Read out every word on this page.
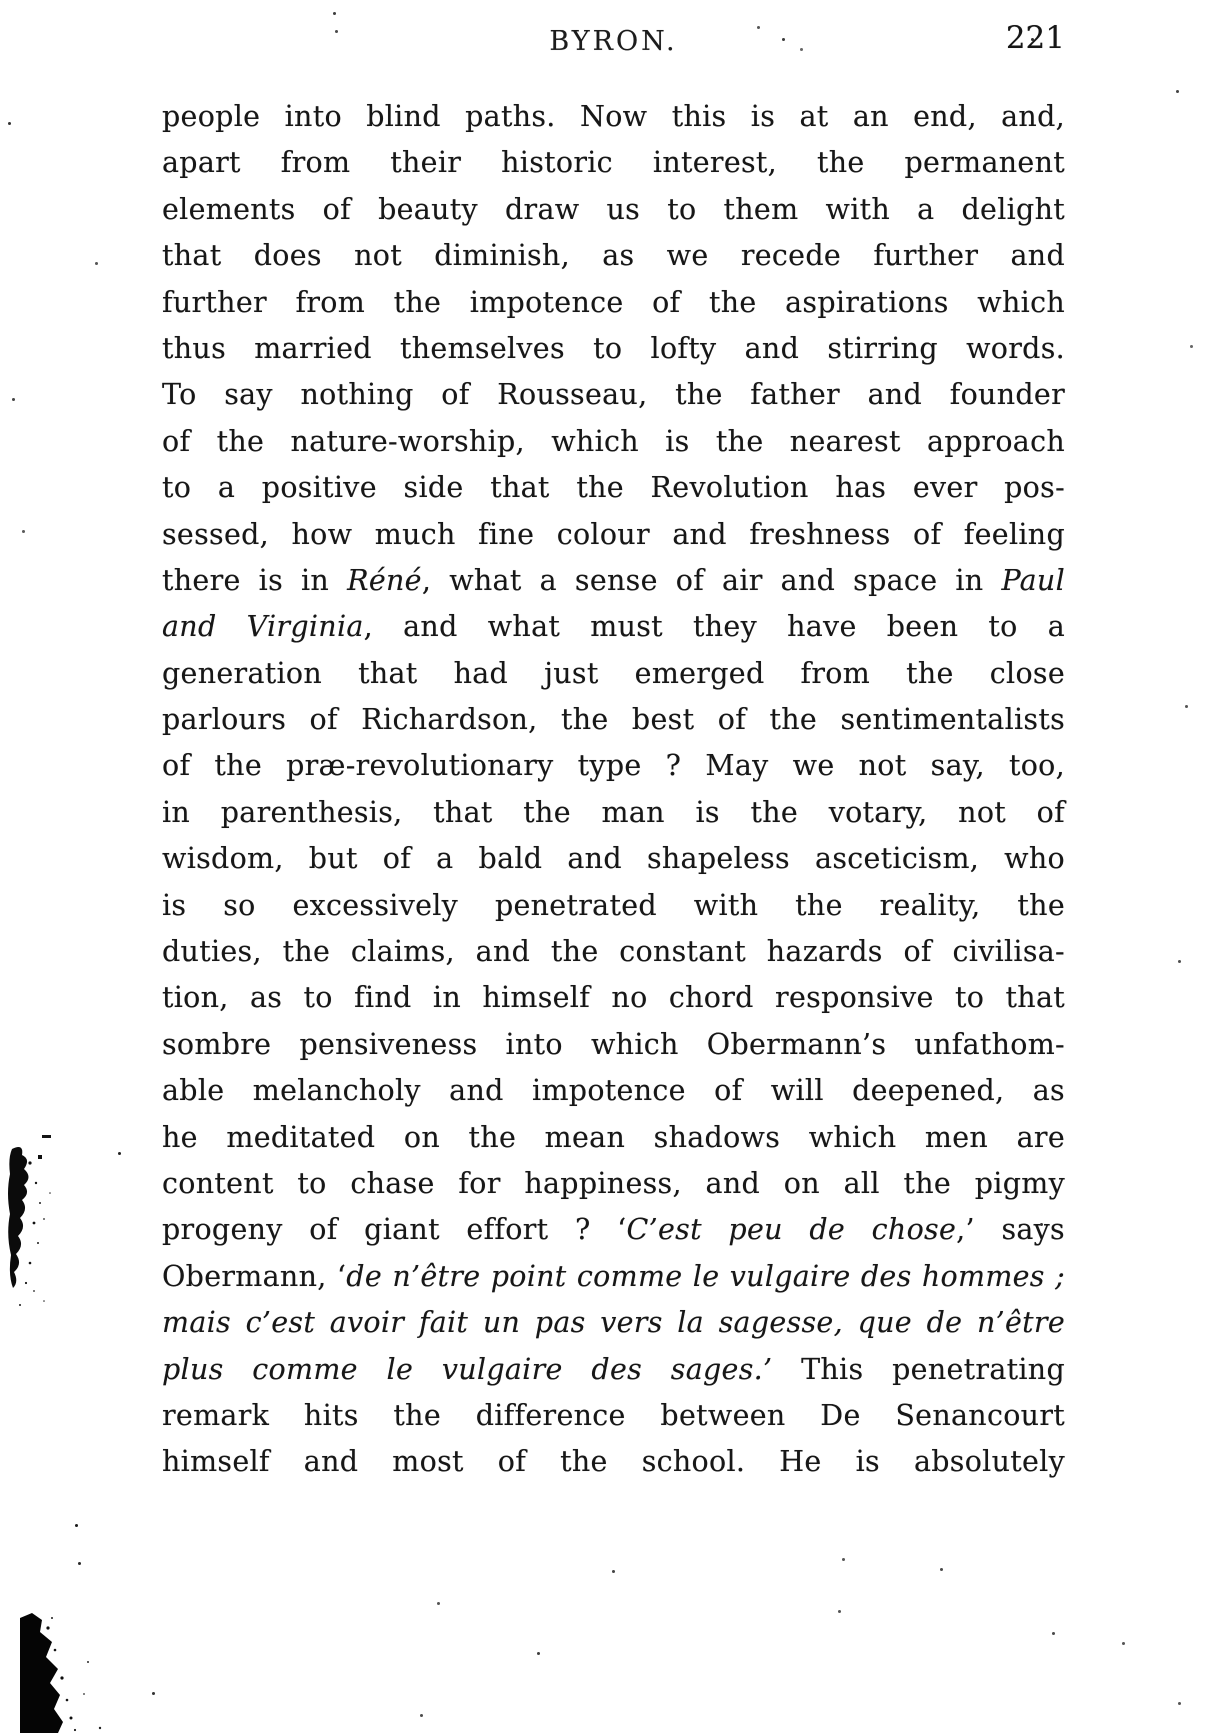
BYRON.	221
people into blind paths. Now this is at an end, and,
apart from their historic interest, the permanent
elements of beauty draw us to them with a delight
that does not diminish, as we recede further and
further from the impotence of the aspirations which
thus married themselves to lofty and stirring words.
To say nothing of Rousseau, the father and founder
of the nature-worship, which is the nearest approach
to a positive side that the Revolution has ever pos-
sessed, how much fine colour and freshness of feeling
there is in Réné, what a sense of air and space in Paul
and Virginia, and what must they have been to a
generation that had just emerged from the close
parlours of Richardson, the best of the sentimentalists
of the præ-revolutionary type ? May we not say, too,
in parenthesis, that the man is the votary, not of
wisdom, but of a bald and shapeless asceticism, who
is so excessively penetrated with the reality, the
duties, the claims, and the constant hazards of civilisa-
tion, as to find in himself no chord responsive to that
sombre pensiveness into which Obermann’s unfathom-
able melancholy and impotence of will deepened, as
he meditated on the mean shadows which men are
content to chase for happiness, and on all the pigmy
progeny of giant effort ? ‘C’est peu de chose,’ says
Obermann, ‘de n’être point comme le vulgaire des hommes ;
mais c’est avoir fait un pas vers la sagesse, que de n’être
plus comme le vulgaire des sages.’ This penetrating
remark hits the difference between De Senancourt
himself and most of the school. He is absolutely
